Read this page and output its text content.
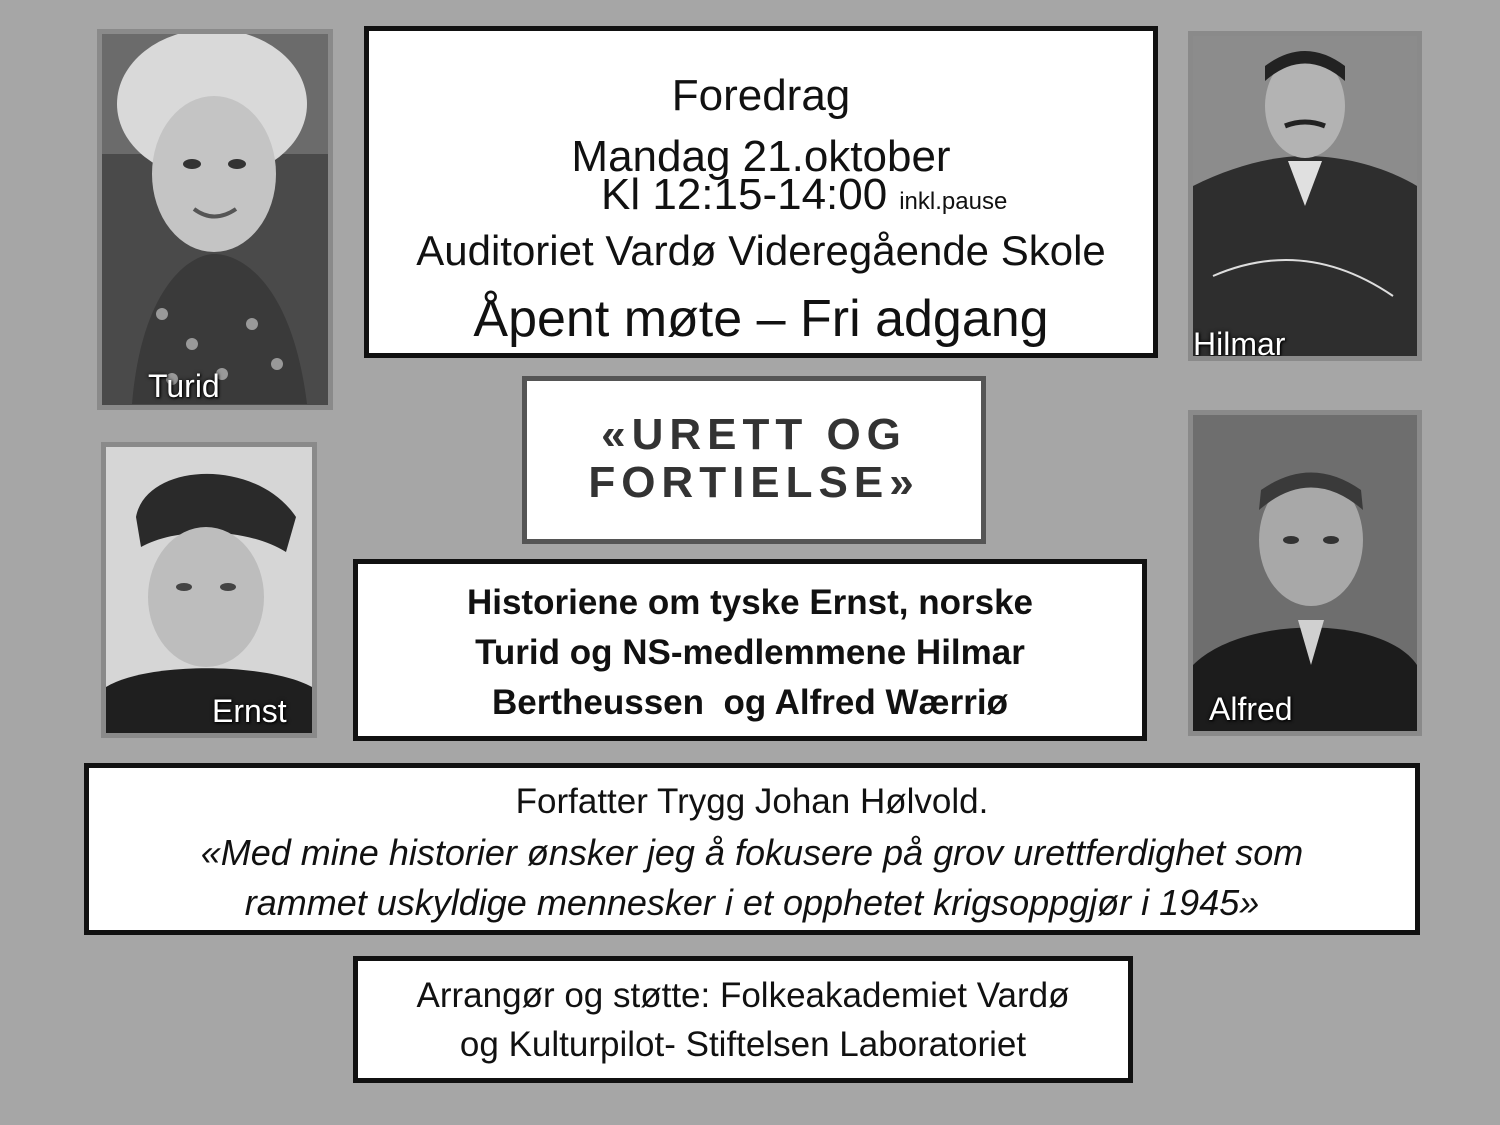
Turid
Hilmar
Ernst	Alfred
Foredrag
Mandag 21.oktober
Kl 12:15-14:00 inkl.pause
Auditoriet Vardø Videregående Skole
Åpent møte – Fri adgang
«URETT OG
FORTIELSE»
Historiene om tyske Ernst, norske
Turid og NS-medlemmene Hilmar
Bertheussen  og Alfred Wærriø
Forfatter Trygg Johan Hølvold.
«Med mine historier ønsker jeg å fokusere på grov urettferdighet som
rammet uskyldige mennesker i et opphetet krigsoppgjør i 1945»
Arrangør og støtte: Folkeakademiet Vardø
og Kulturpilot- Stiftelsen Laboratoriet
